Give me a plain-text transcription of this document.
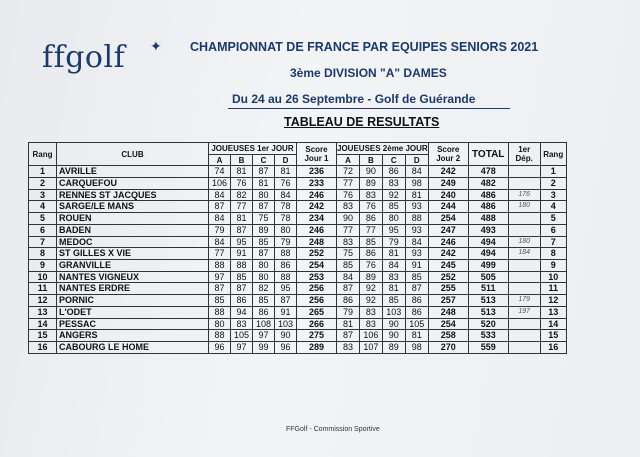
ffgolf ✦ CHAMPIONNAT DE FRANCE PAR EQUIPES SENIORS 2021
3ème DIVISION "A" DAMES
Du 24 au 26 Septembre - Golf de Guérande
TABLEAU DE RESULTATS
Rang	CLUB	JOUEUSES 1er JOUR				Score Jour 1	JOUEUSES 2ème JOUR				Score Jour 2	TOTAL	1er Dép.	Rang
		A	B	C	D		A	B	C	D				
1	AVRILLE	74	81	87	81	236	72	90	86	84	242	478		1
2	CARQUEFOU	106	76	81	76	233	77	89	83	98	249	482		2
3	RENNES ST JACQUES	84	82	80	84	246	76	83	92	81	240	486	176	3
4	SARGE/LE MANS	87	77	87	78	242	83	76	85	93	244	486	180	4
5	ROUEN	84	81	75	78	234	90	86	80	88	254	488		5
6	BADEN	79	87	89	80	246	77	77	95	93	247	493		6
7	MEDOC	84	95	85	79	248	83	85	79	84	246	494	180	7
8	ST GILLES X VIE	77	91	87	88	252	75	86	81	93	242	494	184	8
9	GRANVILLE	88	88	80	86	254	85	76	84	91	245	499		9
10	NANTES VIGNEUX	97	85	80	88	253	84	89	83	85	252	505		10
11	NANTES ERDRE	87	87	82	95	256	87	92	81	87	255	511		11
12	PORNIC	85	86	85	87	256	86	92	85	86	257	513	179	12
13	L'ODET	88	94	86	91	265	79	83	103	86	248	513	197	13
14	PESSAC	80	83	108	103	266	81	83	90	105	254	520		14
15	ANGERS	88	105	97	90	275	87	106	90	81	258	533		15
16	CABOURG LE HOME	96	97	99	96	289	83	107	89	98	270	559		16
FFGolf - Commission Sportive
